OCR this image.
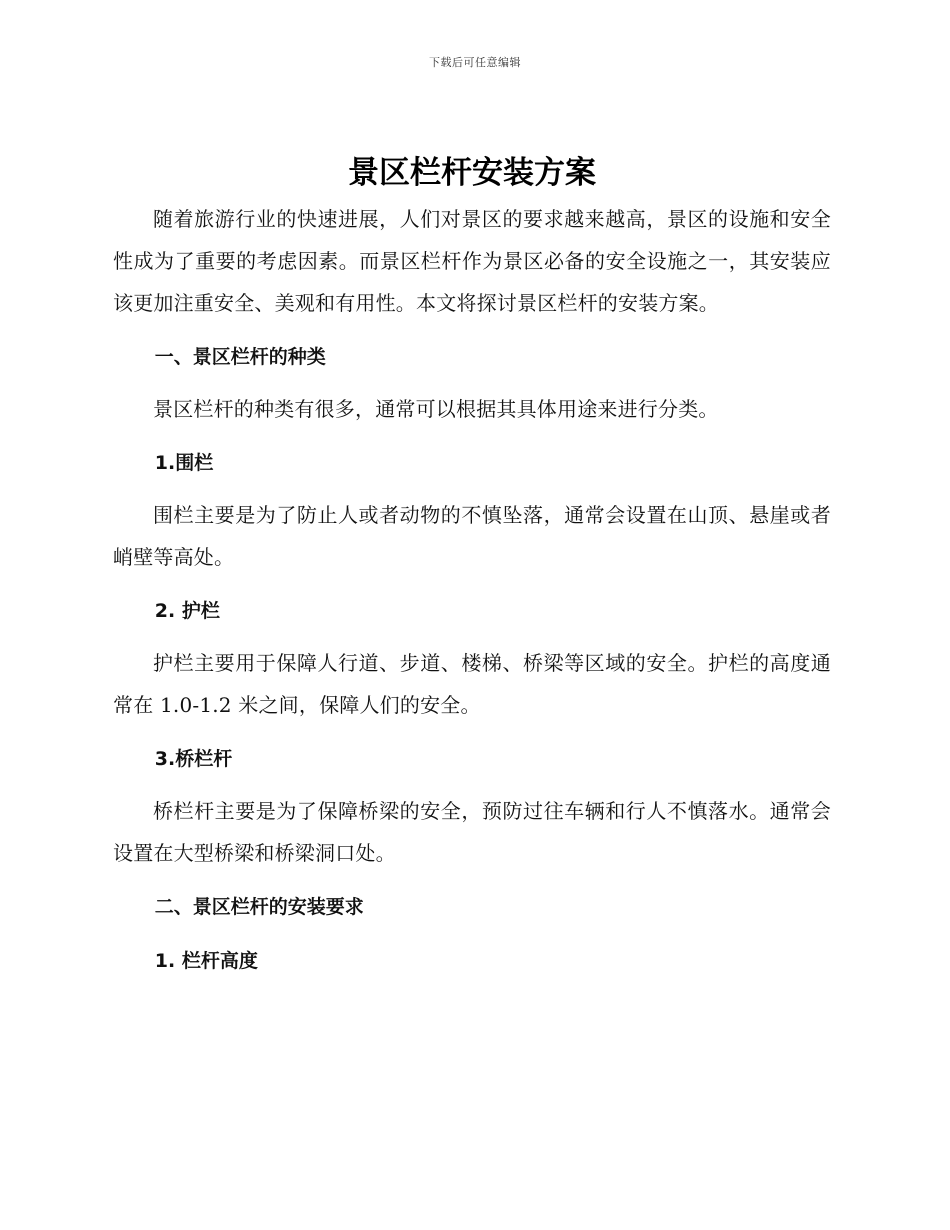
下载后可任意编辑
景区栏杆安装方案

随着旅游行业的快速进展，人们对景区的要求越来越高，景区的设施和安全性成为了重要的考虑因素。而景区栏杆作为景区必备的安全设施之一，其安装应该更加注重安全、美观和有用性。本文将探讨景区栏杆的安装方案。

一、景区栏杆的种类

景区栏杆的种类有很多，通常可以根据其具体用途来进行分类。

1.围栏

围栏主要是为了防止人或者动物的不慎坠落，通常会设置在山顶、悬崖或者峭壁等高处。

2. 护栏

护栏主要用于保障人行道、步道、楼梯、桥梁等区域的安全。护栏的高度通常在 1.0-1.2 米之间，保障人们的安全。

3.桥栏杆

桥栏杆主要是为了保障桥梁的安全，预防过往车辆和行人不慎落水。通常会设置在大型桥梁和桥梁洞口处。

二、景区栏杆的安装要求
1. 栏杆高度
